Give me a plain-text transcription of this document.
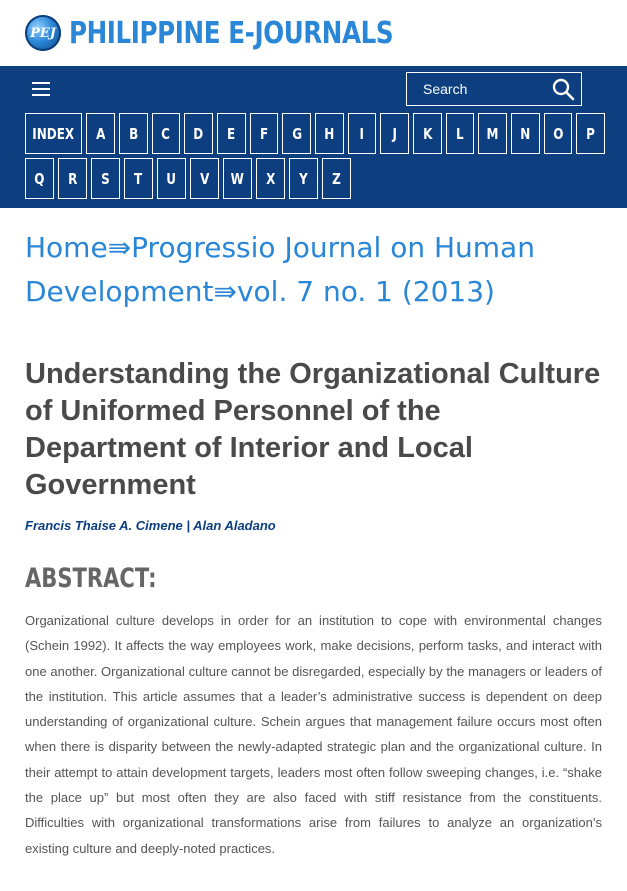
PEJ PHILIPPINE E-JOURNALS
Search
INDEX A B C D E F G H I J K L M N O P
Q R S T U V W X Y Z
Home⇛Progressio Journal on Human Development⇛vol. 7 no. 1 (2013)
Understanding the Organizational Culture of Uniformed Personnel of the Department of Interior and Local Government
Francis Thaise A. Cimene | Alan Aladano
ABSTRACT:

Organizational culture develops in order for an institution to cope with environmental changes (Schein 1992). It affects the way employees work, make decisions, perform tasks, and interact with one another. Organizational culture cannot be disregarded, especially by the managers or leaders of the institution. This article assumes that a leader’s administrative success is dependent on deep understanding of organizational culture. Schein argues that management failure occurs most often when there is disparity between the newly-adapted strategic plan and the organizational culture. In their attempt to attain development targets, leaders most often follow sweeping changes, i.e. “shake the place up” but most often they are also faced with stiff resistance from the constituents. Difficulties with organizational transformations arise from failures to analyze an organization’s existing culture and deeply-noted practices.
